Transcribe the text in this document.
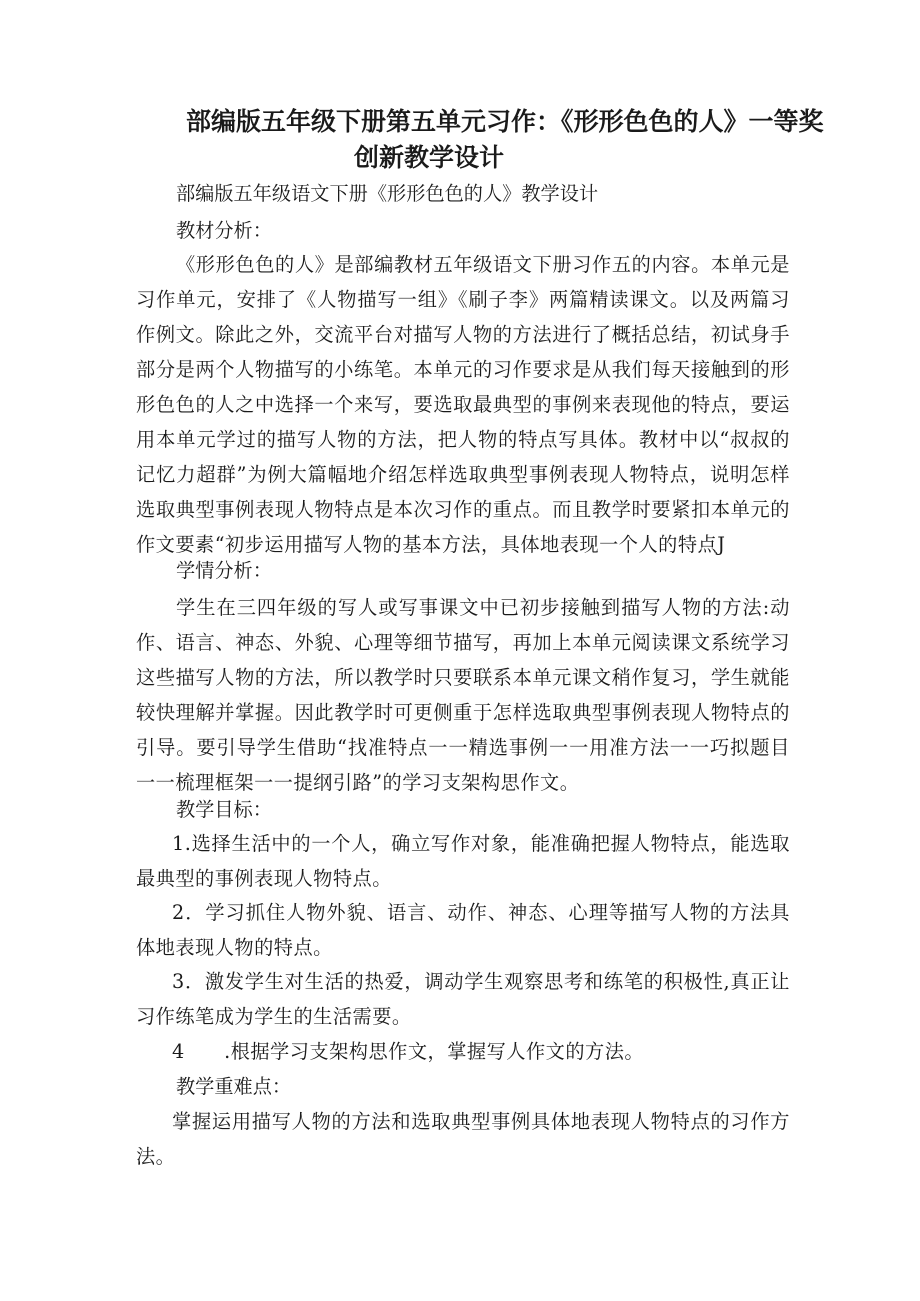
部编版五年级下册第五单元习作：《形形色色的人》一等奖
创新教学设计

部编版五年级语文下册《形形色色的人》教学设计

教材分析：

《形形色色的人》是部编教材五年级语文下册习作五的内容。本单元是习作单元，安排了《人物描写一组》《刷子李》两篇精读课文。以及两篇习作例文。除此之外，交流平台对描写人物的方法进行了概括总结，初试身手部分是两个人物描写的小练笔。本单元的习作要求是从我们每天接触到的形形色色的人之中选择一个来写，要选取最典型的事例来表现他的特点，要运用本单元学过的描写人物的方法，把人物的特点写具体。教材中以“叔叔的记忆力超群”为例大篇幅地介绍怎样选取典型事例表现人物特点，说明怎样选取典型事例表现人物特点是本次习作的重点。而且教学时要紧扣本单元的作文要素“初步运用描写人物的基本方法，具体地表现一个人的特点J

学情分析：

学生在三四年级的写人或写事课文中已初步接触到描写人物的方法:动作、语言、神态、外貌、心理等细节描写，再加上本单元阅读课文系统学习这些描写人物的方法，所以教学时只要联系本单元课文稍作复习，学生就能较快理解并掌握。因此教学时可更侧重于怎样选取典型事例表现人物特点的引导。要引导学生借助“找准特点一一精选事例一一用准方法一一巧拟题目一一梳理框架一一提纲引路”的学习支架构思作文。

教学目标：

1.选择生活中的一个人，确立写作对象，能准确把握人物特点，能选取最典型的事例表现人物特点。

2．学习抓住人物外貌、语言、动作、神态、心理等描写人物的方法具体地表现人物的特点。

3．激发学生对生活的热爱，调动学生观察思考和练笔的积极性,真正让习作练笔成为学生的生活需要。

4　　.根据学习支架构思作文，掌握写人作文的方法。

教学重难点：

掌握运用描写人物的方法和选取典型事例具体地表现人物特点的习作方法。
